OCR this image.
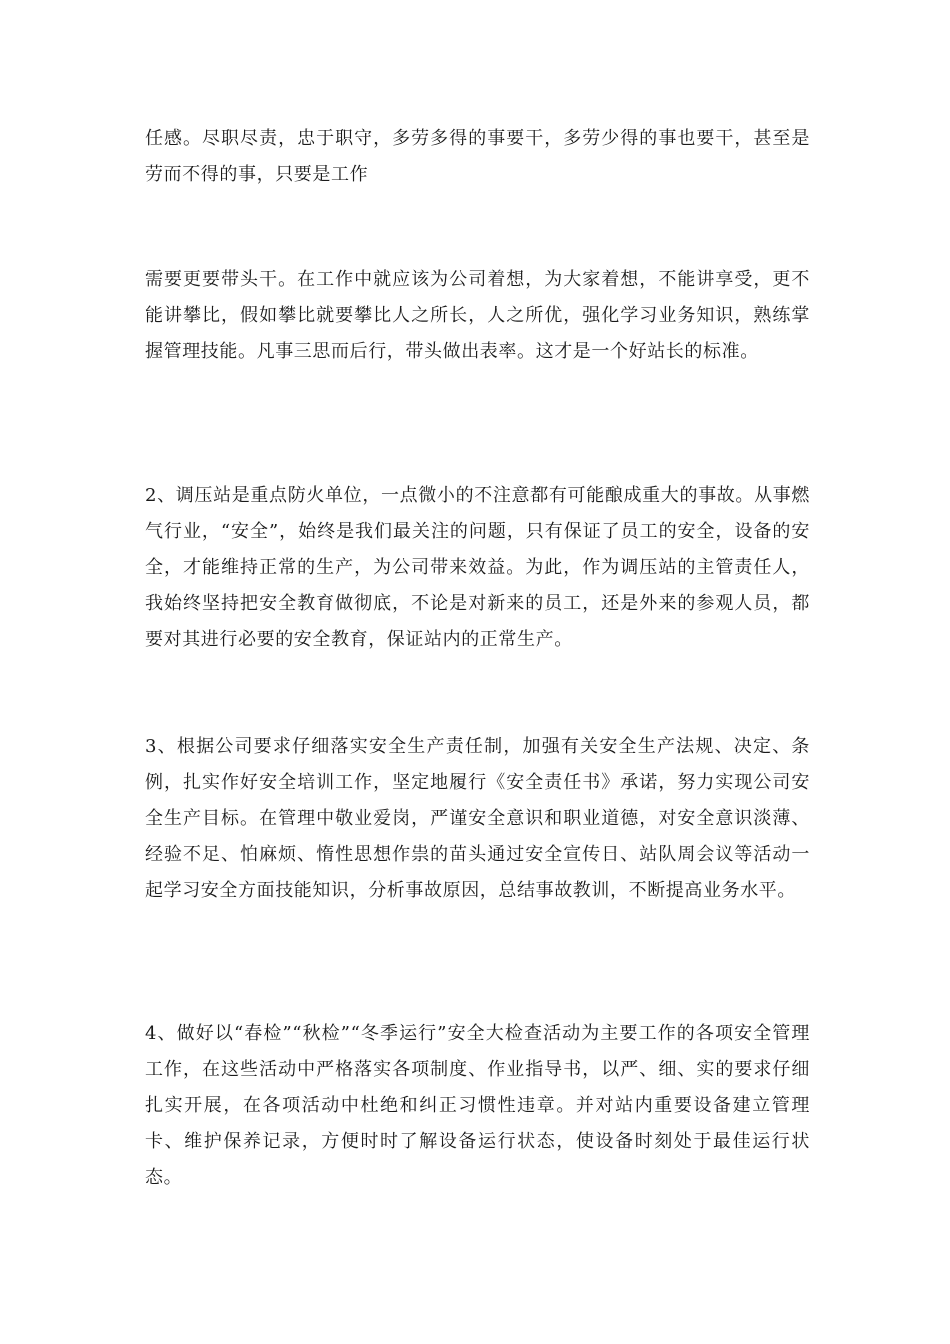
任感。尽职尽责，忠于职守，多劳多得的事要干，多劳少得的事也要干，甚至是劳而不得的事，只要是工作

需要更要带头干。在工作中就应该为公司着想，为大家着想，不能讲享受，更不能讲攀比，假如攀比就要攀比人之所长，人之所优，强化学习业务知识，熟练掌握管理技能。凡事三思而后行，带头做出表率。这才是一个好站长的标准。

2、调压站是重点防火单位，一点微小的不注意都有可能酿成重大的事故。从事燃气行业，“安全”，始终是我们最关注的问题，只有保证了员工的安全，设备的安全，才能维持正常的生产，为公司带来效益。为此，作为调压站的主管责任人，我始终坚持把安全教育做彻底，不论是对新来的员工，还是外来的参观人员，都要对其进行必要的安全教育，保证站内的正常生产。

3、根据公司要求仔细落实安全生产责任制，加强有关安全生产法规、决定、条例，扎实作好安全培训工作，坚定地履行《安全责任书》承诺，努力实现公司安全生产目标。在管理中敬业爱岗，严谨安全意识和职业道德，对安全意识淡薄、经验不足、怕麻烦、惰性思想作祟的苗头通过安全宣传日、站队周会议等活动一起学习安全方面技能知识，分析事故原因，总结事故教训，不断提高业务水平。

4、做好以“春检”“秋检”“冬季运行”安全大检查活动为主要工作的各项安全管理工作，在这些活动中严格落实各项制度、作业指导书，以严、细、实的要求仔细扎实开展，在各项活动中杜绝和纠正习惯性违章。并对站内重要设备建立管理卡、维护保养记录，方便时时了解设备运行状态，使设备时刻处于最佳运行状态。
